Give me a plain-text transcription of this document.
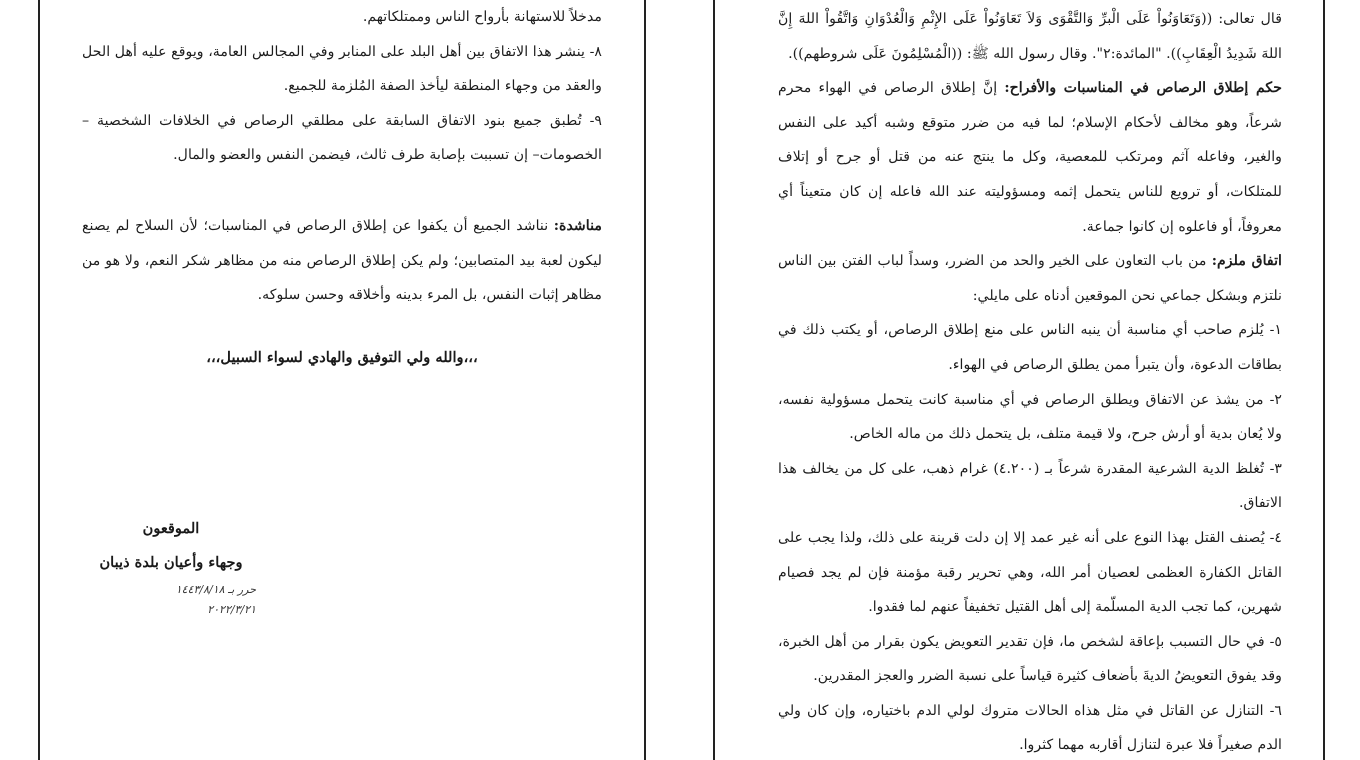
مدخلاً للاستهانة بأرواح الناس وممتلكاتهم.
٨- ينشر هذا الاتفاق بين أهل البلد على المنابر وفي المجالس العامة، ويوقع عليه أهل الحل والعقد من وجهاء المنطقة ليأخذ الصفة المُلزمة للجميع.
٩- تُطبق جميع بنود الاتفاق السابقة على مطلقي الرصاص في الخلافات الشخصية – الخصومات– إن تسببت بإصابة طرف ثالث، فيضمن النفس والعضو والمال.
مناشدة: نناشد الجميع أن يكفوا عن إطلاق الرصاص في المناسبات؛ لأن السلاح لم يصنع ليكون لعبة بيد المتصابين؛ ولم يكن إطلاق الرصاص منه من مظاهر شكر النعم، ولا هو من مظاهر إثبات النفس، بل المرء بدينه وأخلاقه وحسن سلوكه.
،،،والله ولي التوفيق والهادي لسواء السبيل،،،
الموقعون
وجهاء وأعيان بلدة ذيبان
حرر بـ ١٤٤٣/٨/١٨
٢٠٢٢/٣/٢١
قال تعالى: ((وَتَعَاوَنُواْ عَلَى الْبرِّ وَالتَّقْوَى وَلاَ تَعَاوَنُواْ عَلَى الإِثْمِ وَالْعُدْوَانِ وَاتَّقُواْ اللهَ إِنَّ اللهَ شَدِيدُ الْعِقَابِ)). "المائدة:٢". وقال رسول الله ﷺ: ((الْمُسْلِمُونَ عَلَى شروطهم)).
حكم إطلاق الرصاص في المناسبات والأفراح: إنَّ إطلاق الرصاص في الهواء محرم شرعاً، وهو مخالف لأحكام الإسلام؛ لما فيه من ضرر متوقع وشبه أكيد على النفس والغير، وفاعله آثم ومرتكب للمعصية، وكل ما ينتج عنه من قتل أو جرح أو إتلاف للمتلكات، أو ترويع للناس يتحمل إثمه ومسؤوليته عند الله فاعله إن كان متعيناً أي معروفاً، أو فاعلوه إن كانوا جماعة.
اتفاق ملزم: من باب التعاون على الخير والحد من الضرر، وسداً لباب الفتن بين الناس نلتزم وبشكل جماعي نحن الموقعين أدناه على مايلي:
١- يُلزم صاحب أي مناسبة أن ينبه الناس على منع إطلاق الرصاص، أو يكتب ذلك في بطاقات الدعوة، وأن يتبرأ ممن يطلق الرصاص في الهواء.
٢- من يشذ عن الاتفاق ويطلق الرصاص في أي مناسبة كانت يتحمل مسؤولية نفسه، ولا يُعان بدية أو أرش جرح، ولا قيمة متلف، بل يتحمل ذلك من ماله الخاص.
٣- تُغلظ الدية الشرعية المقدرة شرعاً بـ (٤.٢٠٠) غرام ذهب، على كل من يخالف هذا الاتفاق.
٤- يُصنف القتل بهذا النوع على أنه غير عمد إلا إن دلت قرينة على ذلك، ولذا يجب على القاتل الكفارة العظمى لعصيان أمر الله، وهي تحرير رقبة مؤمنة فإن لم يجد فصيام شهرين، كما تجب الدية المسلّمة إلى أهل القتيل تخفيفاً عنهم لما فقدوا.
٥- في حال التسبب بإعاقة لشخص ما، فإن تقدير التعويض يكون بقرار من أهل الخبرة، وقد يفوق التعويضُ الديةَ بأضعاف كثيرة قياساً على نسبة الضرر والعجز المقدرين.
٦- التنازل عن القاتل في مثل هذاه الحالات متروك لولي الدم باختياره، وإن كان ولي الدم صغيراً فلا عبرة لتنازل أقاربه مهما كثروا.
